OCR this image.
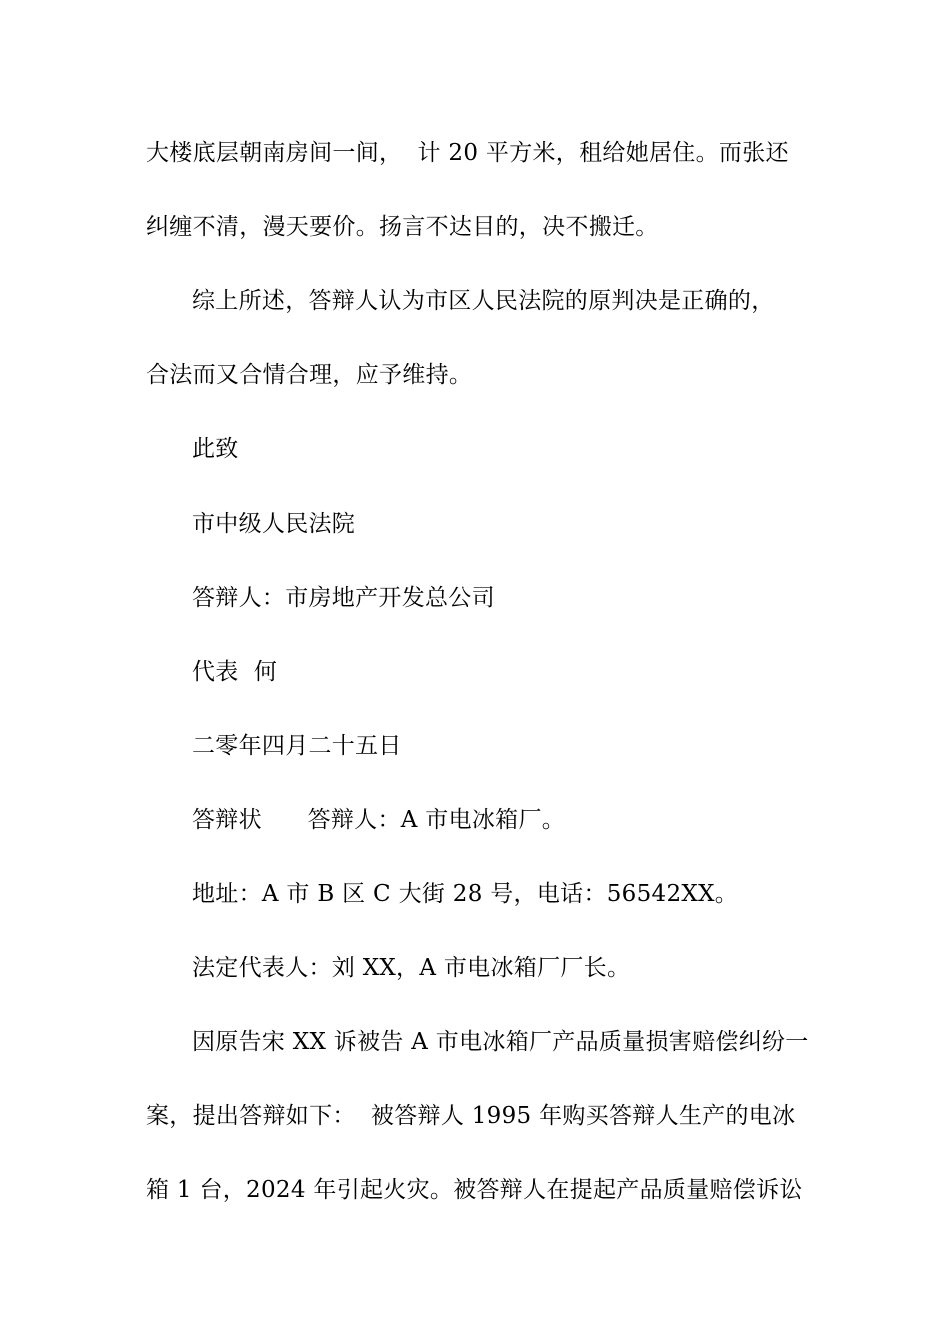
大楼底层朝南房间一间，  计 20 平方米，租给她居住。而张还
纠缠不清，漫天要价。扬言不达目的，决不搬迁。
综上所述，答辩人认为市区人民法院的原判决是正确的，
合法而又合情合理，应予维持。
此致
市中级人民法院
答辩人：市房地产开发总公司
代表  何
二零年四月二十五日
答辩状      答辩人：A 市电冰箱厂。
地址：A 市 B 区 C 大街 28 号，电话：56542XX。
法定代表人：刘 XX，A 市电冰箱厂厂长。
因原告宋 XX 诉被告 A 市电冰箱厂产品质量损害赔偿纠纷一
案，提出答辩如下：  被答辩人 1995 年购买答辩人生产的电冰
箱 1 台，2024 年引起火灾。被答辩人在提起产品质量赔偿诉讼
